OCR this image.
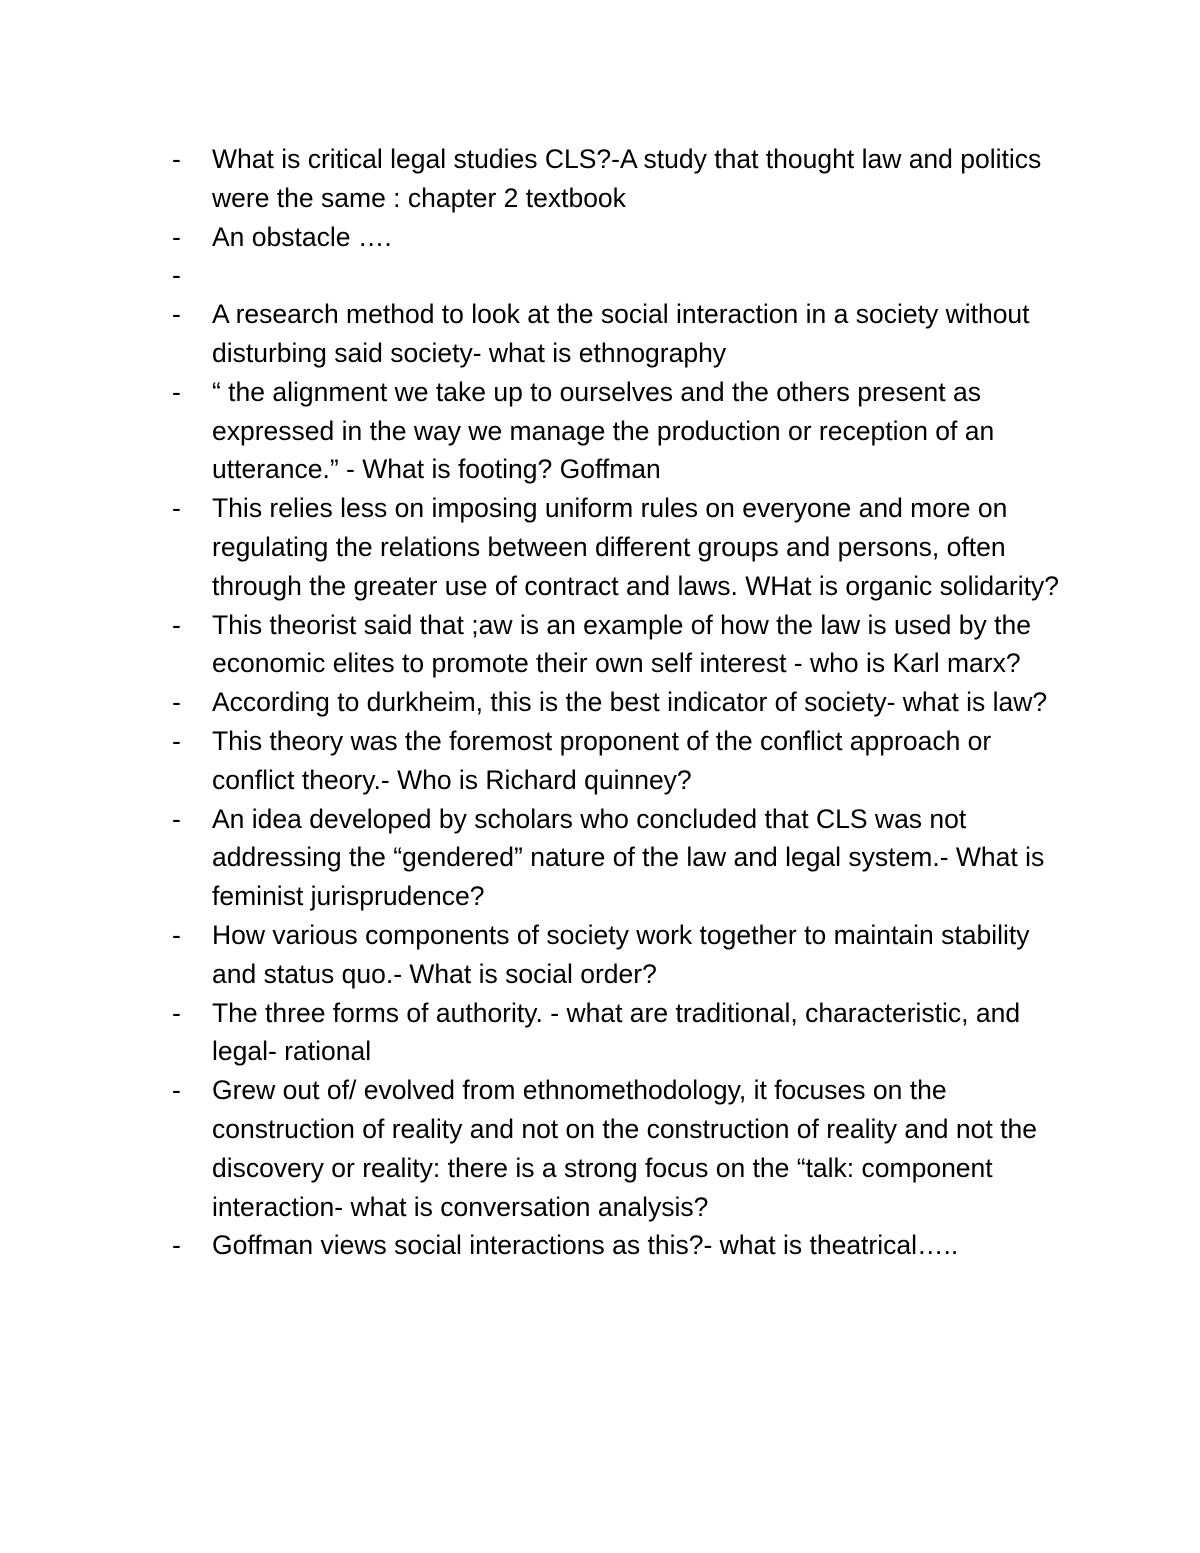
-	What is critical legal studies CLS?-A study that thought law and politics were the same : chapter 2 textbook
-	An obstacle ….
-
-	A research method to look at the social interaction in a society without disturbing said society- what is ethnography
-	“ the alignment we take up to ourselves and the others present as expressed in the way we manage the production or reception of an utterance.” - What is footing? Goffman
-	This relies less on imposing uniform rules on everyone and more on regulating the relations between different groups and persons, often through the greater use of contract and laws. WHat is organic solidarity?
-	This theorist said that ;aw is an example of how the law is used by the economic elites to promote their own self interest - who is Karl marx?
-	According to durkheim, this is the best indicator of society- what is law?
-	This theory was the foremost proponent of the conflict approach or conflict theory.- Who is Richard quinney?
-	An idea developed by scholars who concluded that CLS was not addressing the “gendered” nature of the law and legal system.- What is feminist jurisprudence?
-	How various components of society work together to maintain stability and status quo.- What is social order?
-	The three forms of authority. - what are traditional, characteristic, and legal- rational
-	Grew out of/ evolved from ethnomethodology, it focuses on the construction of reality and not on the construction of reality and not the discovery or reality: there is a strong focus on the “talk: component interaction- what is conversation analysis?
-	Goffman views social interactions as this?- what is theatrical…..
